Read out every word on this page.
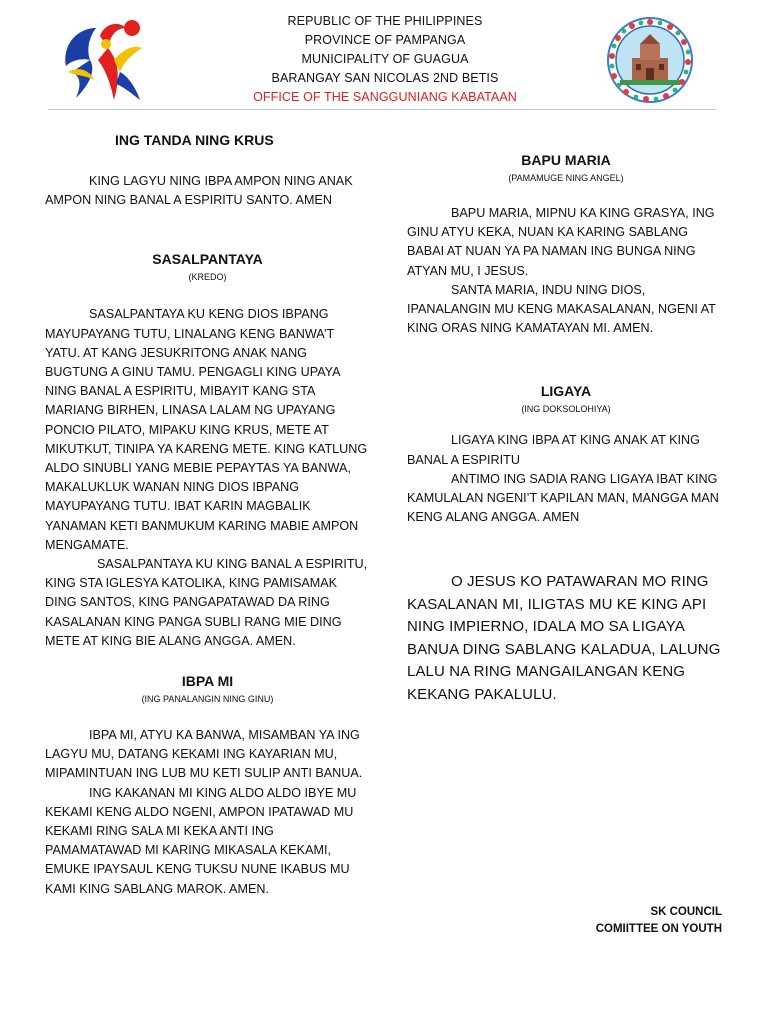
REPUBLIC OF THE PHILIPPINES
PROVINCE OF PAMPANGA
MUNICIPALITY OF GUAGUA
BARANGAY SAN NICOLAS 2ND BETIS
OFFICE OF THE SANGGUNIANG KABATAAN

ING TANDA NING KRUS

KING LAGYU NING IBPA AMPON NING ANAK AMPON NING BANAL A ESPIRITU SANTO. AMEN

SASALPANTAYA

(KREDO)

SASALPANTAYA KU KENG DIOS IBPANG MAYUPAYANG TUTU, LINALANG KENG BANWA’T YATU. AT KANG JESUKRITONG ANAK NANG BUGTUNG A GINU TAMU. PENGAGLI KING UPAYA NING BANAL A ESPIRITU, MIBAYIT KANG STA MARIANG BIRHEN, LINASA LALAM NG UPAYANG PONCIO PILATO, MIPAKU KING KRUS, METE AT MIKUTKUT, TINIPA YA KARENG METE. KING KATLUNG ALDO SINUBLI YANG MEBIE PEPAYTAS YA BANWA, MAKALUKLUK WANAN NING DIOS IBPANG MAYUPAYANG TUTU. IBAT KARIN MAGBALIK YANAMAN KETI BANMUKUM KARING MABIE AMPON MENGAMATE.

SASALPANTAYA KU KING BANAL A ESPIRITU, KING STA IGLESYA KATOLIKA, KING PAMISAMAK DING SANTOS, KING PANGAPATAWAD DA RING KASALANAN KING PANGA SUBLI RANG MIE DING METE AT KING BIE ALANG ANGGA. AMEN.

IBPA MI

(ING PANALANGIN NING GINU)

IBPA MI, ATYU KA BANWA, MISAMBAN YA ING LAGYU MU, DATANG KEKAMI ING KAYARIAN MU, MIPAMINTUAN ING LUB MU KETI SULIP ANTI BANUA.

ING KAKANAN MI KING ALDO ALDO IBYE MU KEKAMI KENG ALDO NGENI, AMPON IPATAWAD MU KEKAMI RING SALA MI KEKA ANTI ING PAMAMATAWAD MI KARING MIKASALA KEKAMI, EMUKE IPAYSAUL KENG TUKSU NUNE IKABUS MU KAMI KING SABLANG MAROK. AMEN.

BAPU MARIA

(PAMAMUGE NING ANGEL)

BAPU MARIA, MIPNU KA KING GRASYA, ING GINU ATYU KEKA, NUAN KA KARING SABLANG BABAI AT NUAN YA PA NAMAN ING BUNGA NING ATYAN MU, I JESUS.

SANTA MARIA, INDU NING DIOS, IPANALANGIN MU KENG MAKASALANAN, NGENI AT KING ORAS NING KAMATAYAN MI. AMEN.

LIGAYA

(ING DOKSOLOHIYA)

LIGAYA KING IBPA AT KING ANAK AT KING BANAL A ESPIRITU

ANTIMO ING SADIA RANG LIGAYA IBAT KING KAMULALAN NGENI’T KAPILAN MAN, MANGGA MAN KENG ALANG ANGGA. AMEN

O JESUS KO PATAWARAN MO RING KASALANAN MI, ILIGTAS MU KE KING API NING IMPIERNO, IDALA MO SA LIGAYA BANUA DING SABLANG KALADUA, LALUNG LALU NA RING MANGAILANGAN KENG KEKANG PAKALULU.

SK COUNCIL
COMIITTEE ON YOUTH
